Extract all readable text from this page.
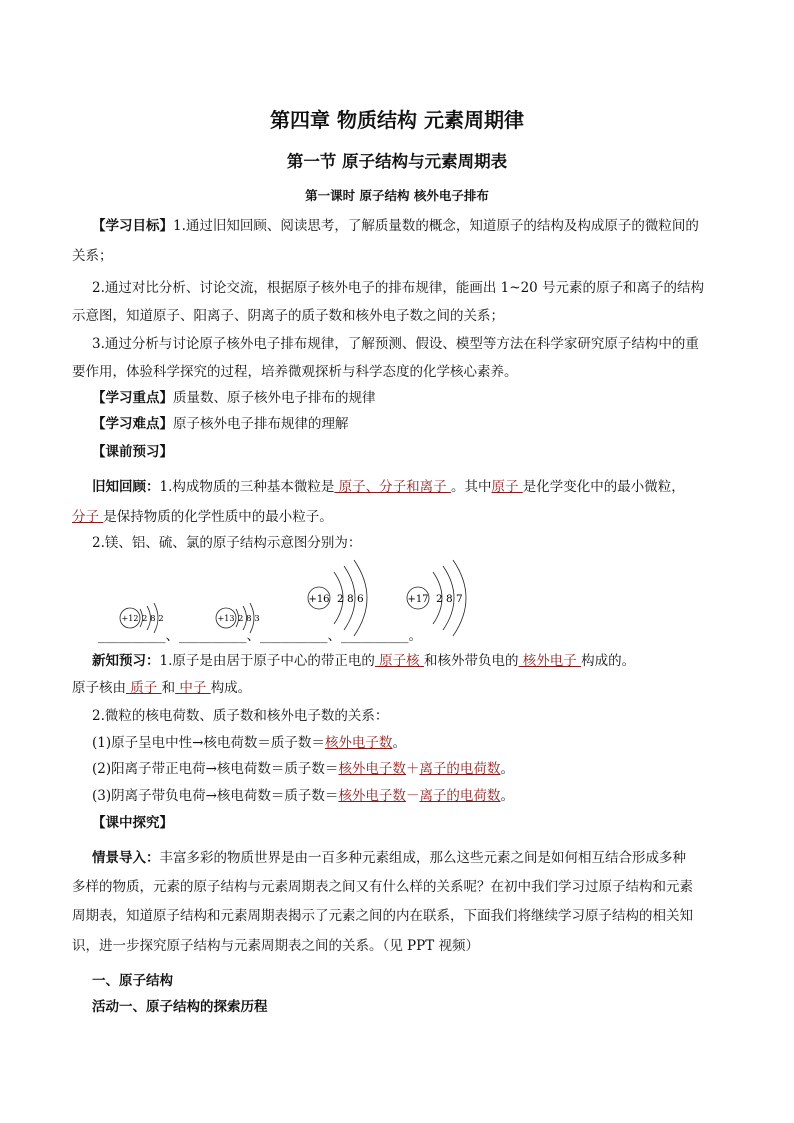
第四章 物质结构 元素周期律
第一节 原子结构与元素周期表
第一课时 原子结构 核外电子排布
【学习目标】1.通过旧知回顾、阅读思考，了解质量数的概念，知道原子的结构及构成原子的微粒间的
关系；
2.通过对比分析、讨论交流，根据原子核外电子的排布规律，能画出 1~20 号元素的原子和离子的结构
示意图，知道原子、阳离子、阴离子的质子数和核外电子数之间的关系；
3.通过分析与讨论原子核外电子排布规律，了解预测、假设、模型等方法在科学家研究原子结构中的重
要作用，体验科学探究的过程，培养微观探析与科学态度的化学核心素养。
【学习重点】质量数、原子核外电子排布的规律
【学习难点】原子核外电子排布规律的理解
【课前预习】
旧知回顾：1.构成物质的三种基本微粒是 原子、分子和离子 。其中原子 是化学变化中的最小微粒，
分子 是保持物质的化学性质中的最小粒子。
2.镁、铝、硫、氯的原子结构示意图分别为：
+12 2 8 2	+13 2 8 3
+16 2 8 6	+17 2 8 7
__________、__________、__________、__________。
新知预习：1.原子是由居于原子中心的带正电的 原子核 和核外带负电的 核外电子 构成的。
原子核由 质子 和 中子 构成。
2.微粒的核电荷数、质子数和核外电子数的关系：
(1)原子呈电中性→核电荷数＝质子数＝核外电子数。
(2)阳离子带正电荷→核电荷数＝质子数＝核外电子数＋离子的电荷数。
(3)阴离子带负电荷→核电荷数＝质子数＝核外电子数－离子的电荷数。
【课中探究】
情景导入：丰富多彩的物质世界是由一百多种元素组成，那么这些元素之间是如何相互结合形成多种
多样的物质，元素的原子结构与元素周期表之间又有什么样的关系呢？在初中我们学习过原子结构和元素
周期表，知道原子结构和元素周期表揭示了元素之间的内在联系，下面我们将继续学习原子结构的相关知
识，进一步探究原子结构与元素周期表之间的关系。（见 PPT 视频）
一、原子结构
活动一、原子结构的探索历程
